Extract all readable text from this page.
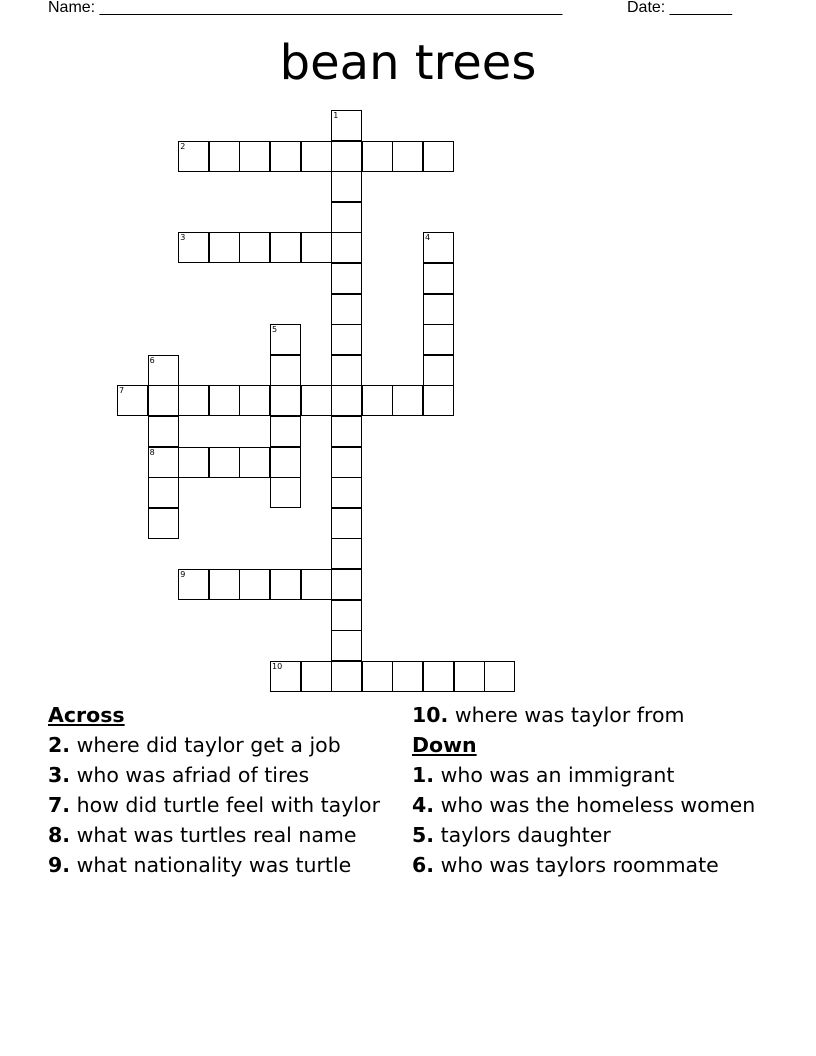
Name: ____________________________________________________	Date: _______
bean trees
1
2
3	4
5
6
8
7
9
10
Across
2. where did taylor get a job
3. who was afriad of tires
7. how did turtle feel with taylor
8. what was turtles real name
9. what nationality was turtle
10. where was taylor from
Down
1. who was an immigrant
4. who was the homeless women
5. taylors daughter
6. who was taylors roommate
